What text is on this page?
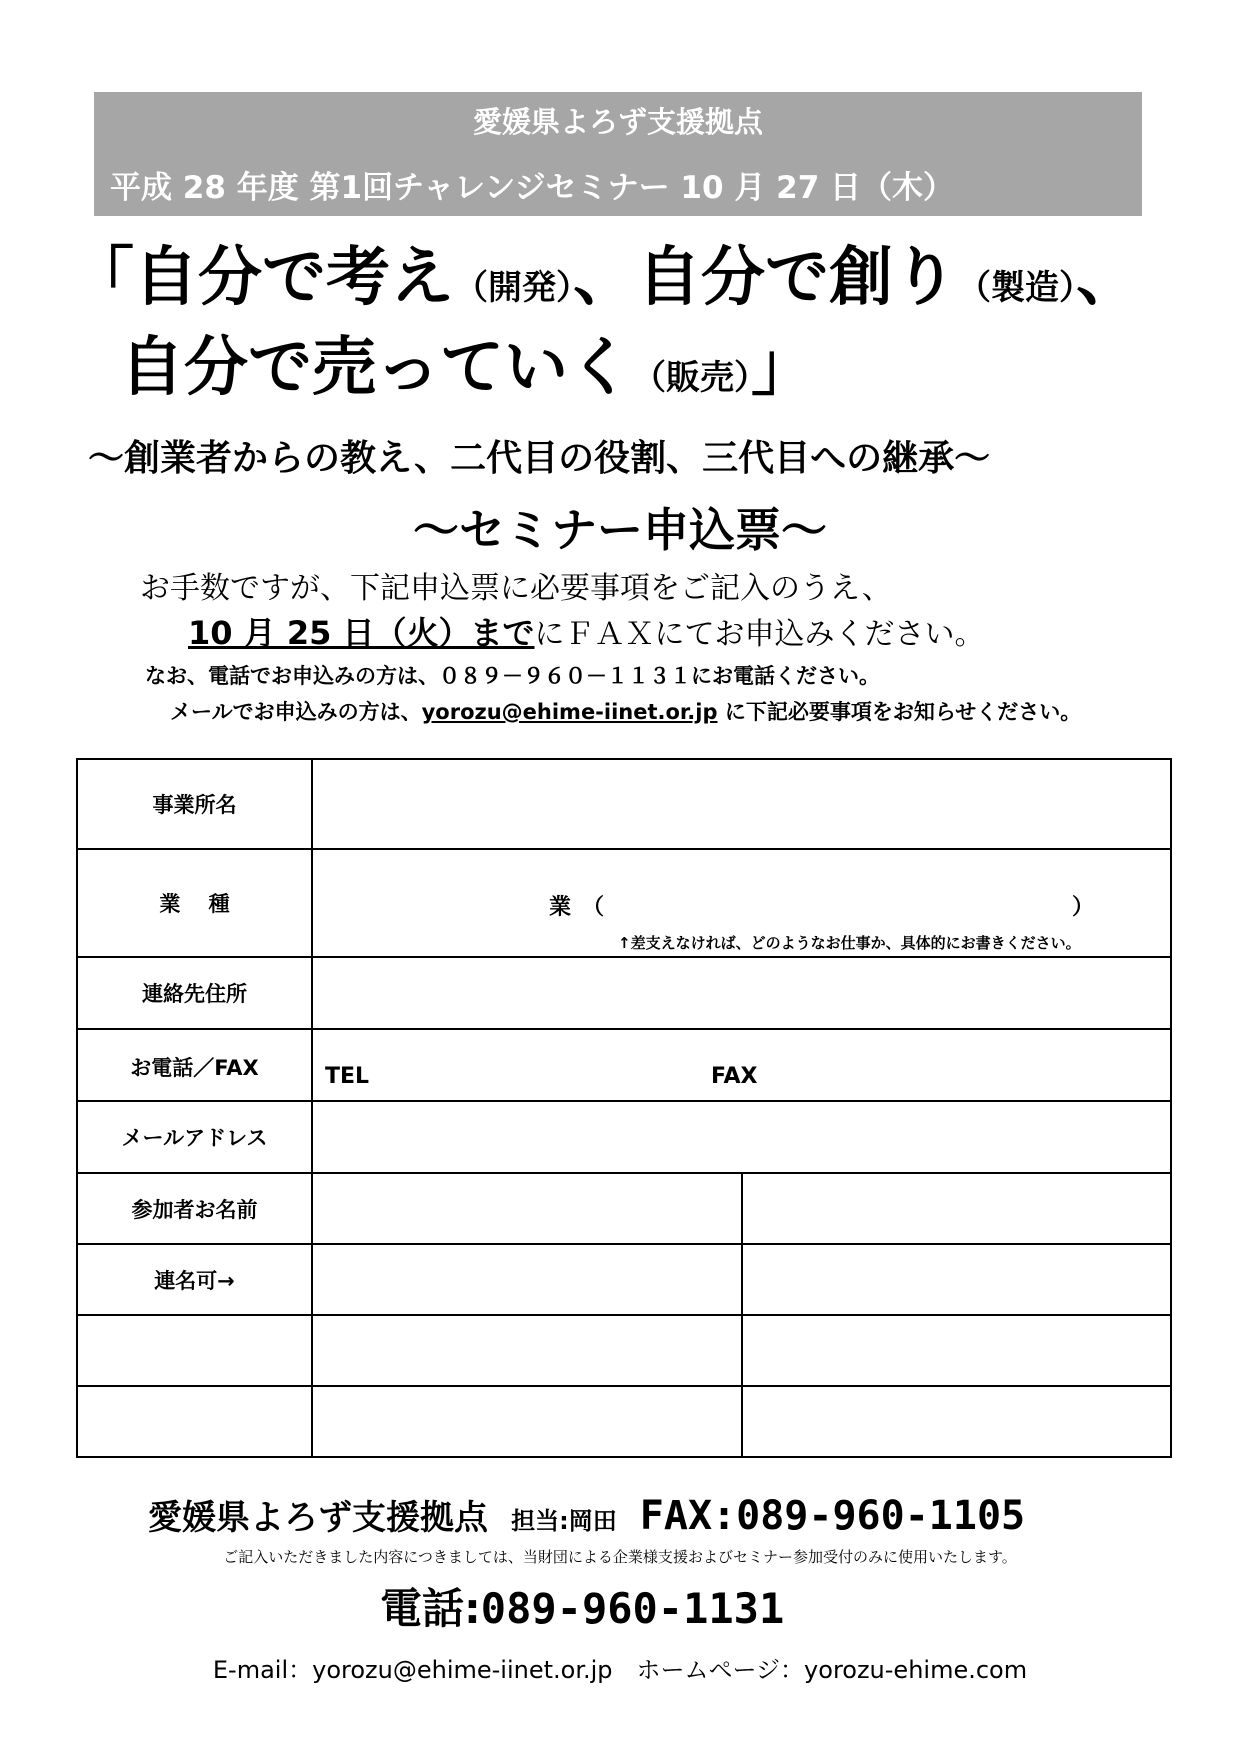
愛媛県よろず支援拠点
平成 28 年度 第1回チャレンジセミナー 10 月 27 日（木）
「自分で考え（開発）、自分で創り（製造）、
自分で売っていく（販売）」
～創業者からの教え、二代目の役割、三代目への継承～
～セミナー申込票～
お手数ですが、下記申込票に必要事項をご記入のうえ、
10 月 25 日（火）までにＦＡＸにてお申込みください。
なお、電話でお申込みの方は、０８９－９６０－１１３１にお電話ください。
メールでお申込みの方は、yorozu@ehime-iinet.or.jp に下記必要事項をお知らせください。
事業所名		
業　 種	業　（ ）
↑差支えなければ、どのようなお仕事か、具体的にお書きください。	

連絡先住所		
お電話／FAX	TEL FAX	

メールアドレス		
参加者お名前		
連名可→		

愛媛県よろず支援拠点 担当:岡田 FAX:089-960-1105
ご記入いただきました内容につきましては、当財団による企業様支援およびセミナー参加受付のみに使用いたします。
電話:089-960-1131
E-mail：yorozu@ehime-iinet.or.jp　ホームページ：yorozu-ehime.com
